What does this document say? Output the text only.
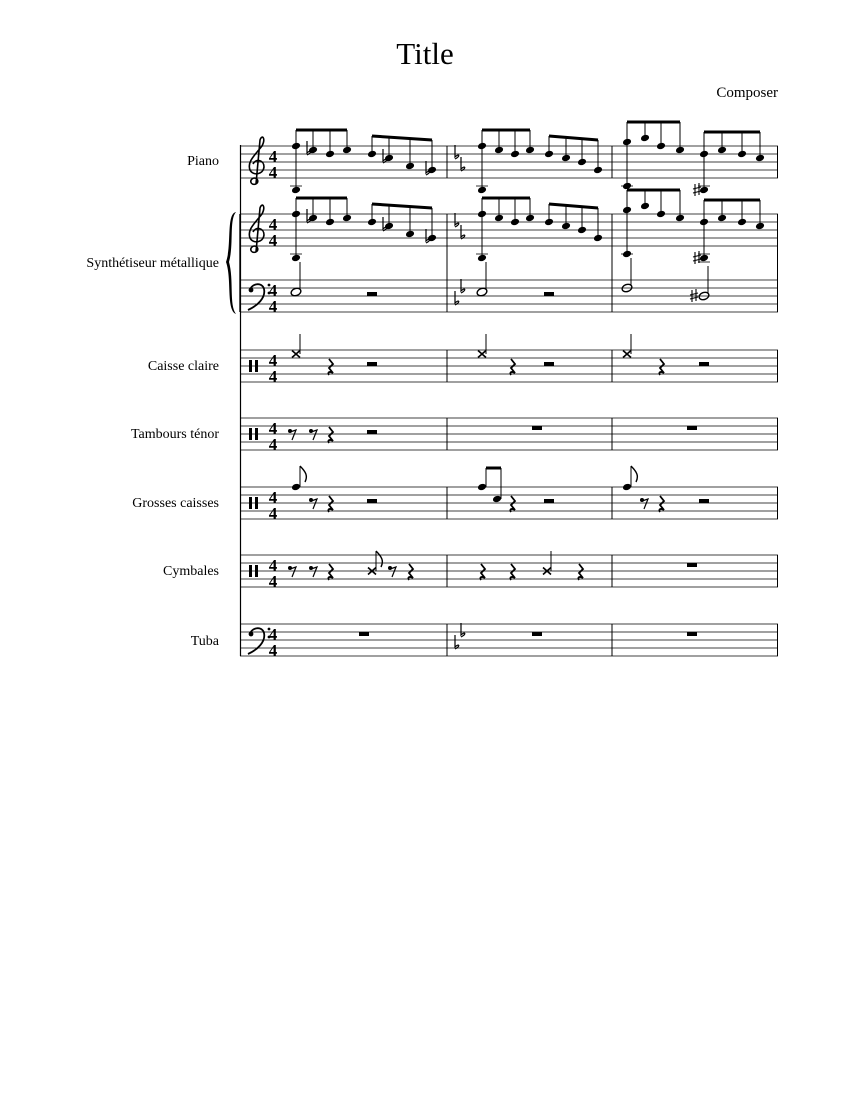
Title
Composer
Piano
Synthétiseur métallique
Caisse claire
Tambours ténor
Grosses caisses
Cymbales
Tuba
4
4
4
4
4
4
4
4
4
4
4
4
4
4
4
4
